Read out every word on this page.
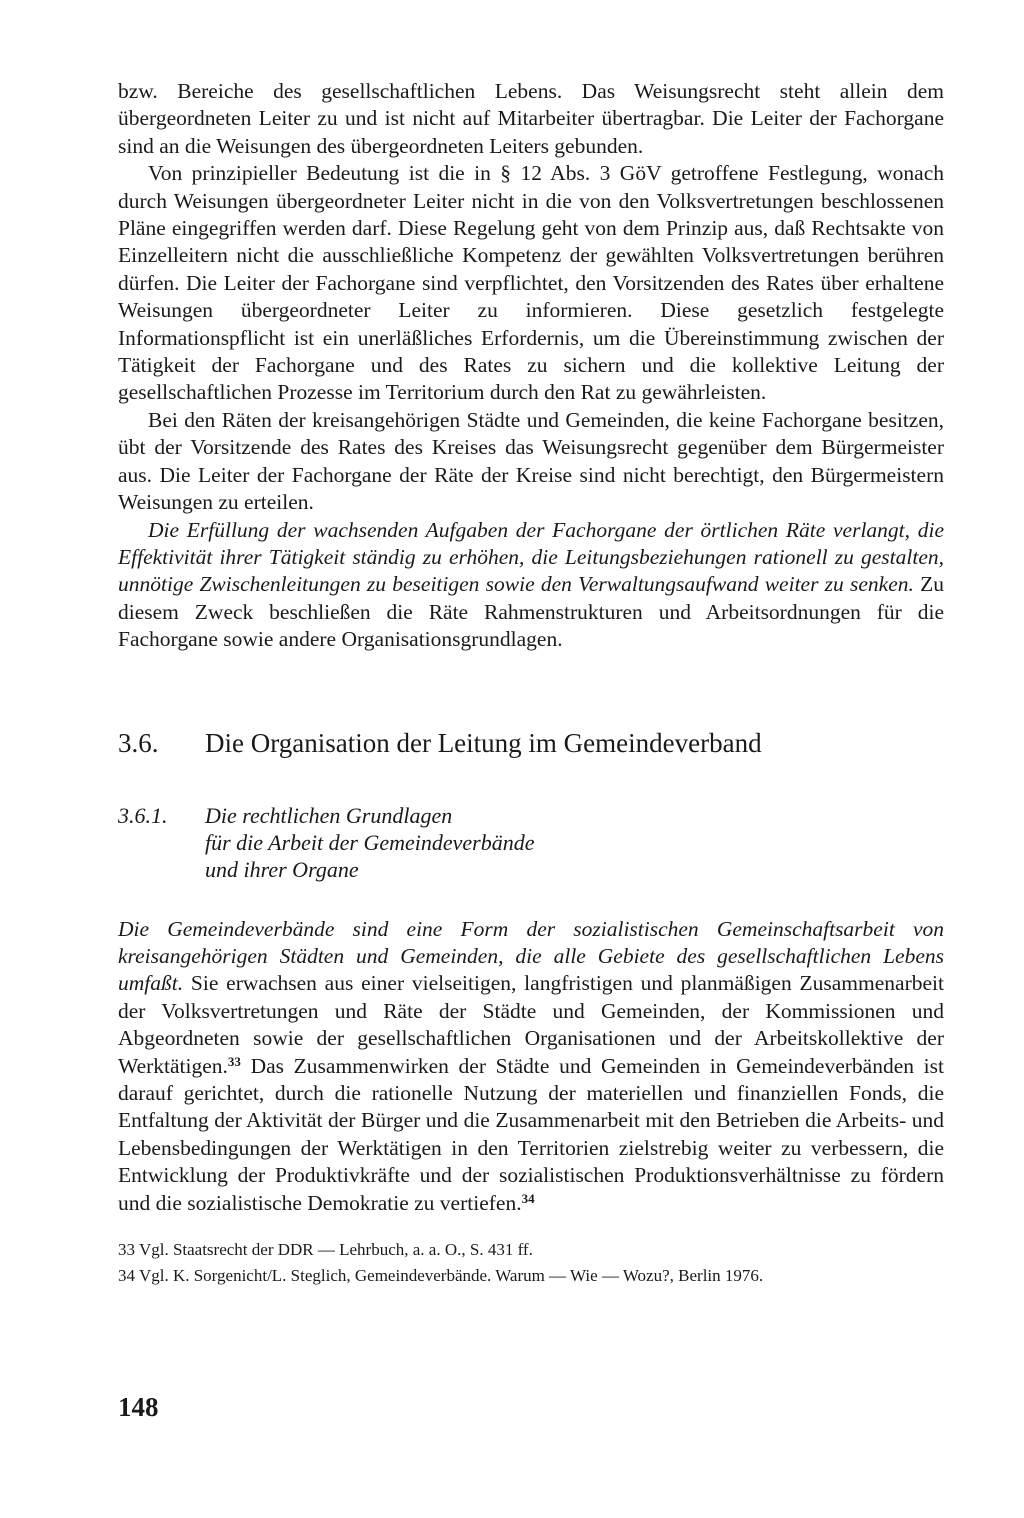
bzw. Bereiche des gesellschaftlichen Lebens. Das Weisungsrecht steht allein dem übergeordneten Leiter zu und ist nicht auf Mitarbeiter übertragbar. Die Leiter der Fachorgane sind an die Weisungen des übergeordneten Leiters gebunden.

Von prinzipieller Bedeutung ist die in § 12 Abs. 3 GöV getroffene Festlegung, wonach durch Weisungen übergeordneter Leiter nicht in die von den Volksvertretungen beschlossenen Pläne eingegriffen werden darf. Diese Regelung geht von dem Prinzip aus, daß Rechtsakte von Einzelleitern nicht die ausschließliche Kompetenz der gewählten Volksvertretungen berühren dürfen. Die Leiter der Fachorgane sind verpflichtet, den Vorsitzenden des Rates über erhaltene Weisungen übergeordneter Leiter zu informieren. Diese gesetzlich festgelegte Informationspflicht ist ein unerläßliches Erfordernis, um die Übereinstimmung zwischen der Tätigkeit der Fachorgane und des Rates zu sichern und die kollektive Leitung der gesellschaftlichen Prozesse im Territorium durch den Rat zu gewährleisten.

Bei den Räten der kreisangehörigen Städte und Gemeinden, die keine Fachorgane besitzen, übt der Vorsitzende des Rates des Kreises das Weisungsrecht gegenüber dem Bürgermeister aus. Die Leiter der Fachorgane der Räte der Kreise sind nicht berechtigt, den Bürgermeistern Weisungen zu erteilen.

Die Erfüllung der wachsenden Aufgaben der Fachorgane der örtlichen Räte verlangt, die Effektivität ihrer Tätigkeit ständig zu erhöhen, die Leitungsbeziehungen rationell zu gestalten, unnötige Zwischenleitungen zu beseitigen sowie den Verwaltungsaufwand weiter zu senken. Zu diesem Zweck beschließen die Räte Rahmenstrukturen und Arbeitsordnungen für die Fachorgane sowie andere Organisationsgrundlagen.

3.6.	Die Organisation der Leitung im Gemeindeverband
3.6.1.	Die rechtlichen Grundlagen
für die Arbeit der Gemeindeverbände
und ihrer Organe

Die Gemeindeverbände sind eine Form der sozialistischen Gemeinschaftsarbeit von kreisangehörigen Städten und Gemeinden, die alle Gebiete des gesellschaftlichen Lebens umfaßt. Sie erwachsen aus einer vielseitigen, langfristigen und planmäßigen Zusammenarbeit der Volksvertretungen und Räte der Städte und Gemeinden, der Kommissionen und Abgeordneten sowie der gesellschaftlichen Organisationen und der Arbeitskollektive der Werktätigen.$^{33}$ Das Zusammenwirken der Städte und Gemeinden in Gemeindeverbänden ist darauf gerichtet, durch die rationelle Nutzung der materiellen und finanziellen Fonds, die Entfaltung der Aktivität der Bürger und die Zusammenarbeit mit den Betrieben die Arbeits- und Lebensbedingungen der Werktätigen in den Territorien zielstrebig weiter zu verbessern, die Entwicklung der Produktivkräfte und der sozialistischen Produktionsverhältnisse zu fördern und die sozialistische Demokratie zu vertiefen.$^{34}$

33 Vgl. Staatsrecht der DDR — Lehrbuch, a. a. O., S. 431 ff.
34 Vgl. K. Sorgenicht/L. Steglich, Gemeindeverbände. Warum — Wie — Wozu?, Berlin 1976.
148
